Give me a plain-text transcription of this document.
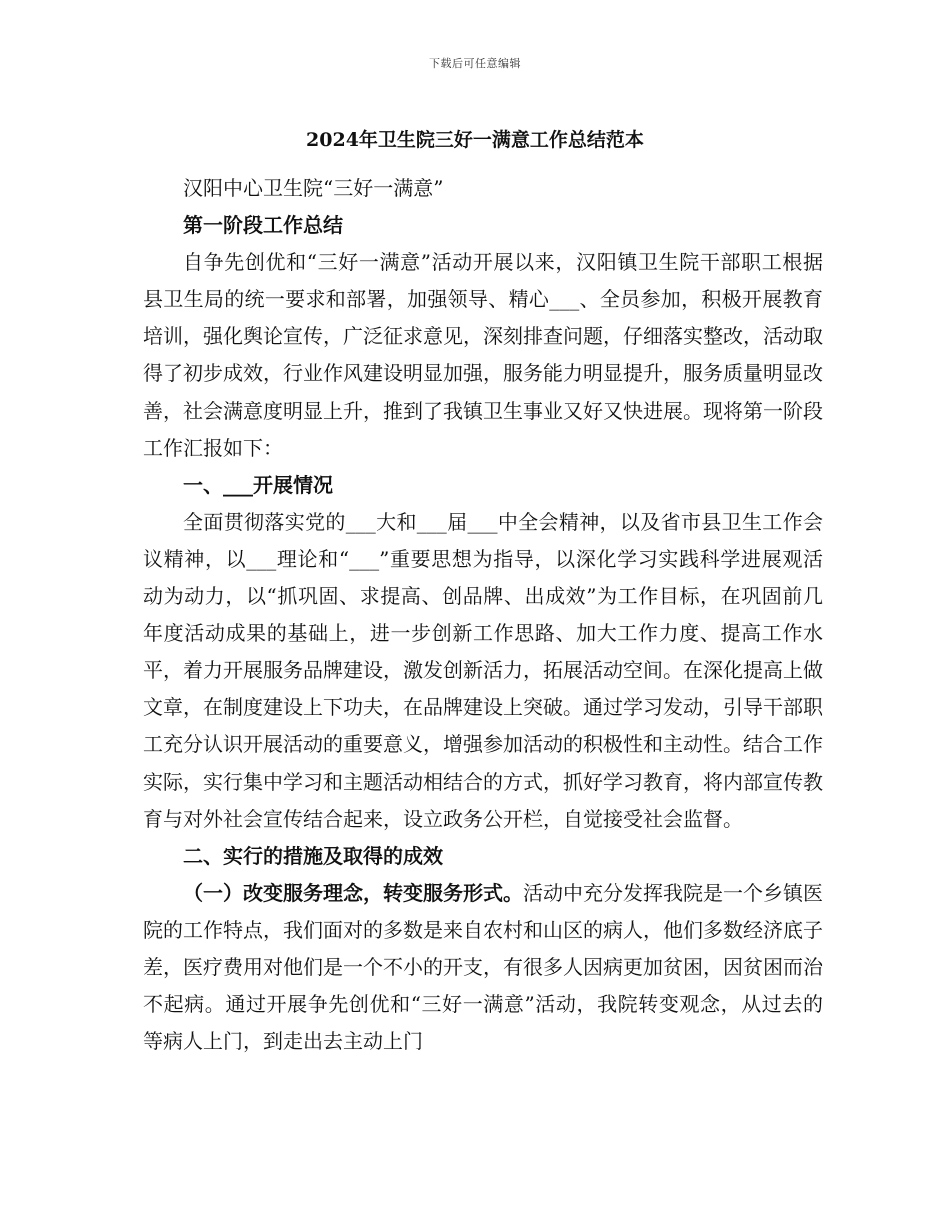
下载后可任意编辑
2024年卫生院三好一满意工作总结范本

汉阳中心卫生院“三好一满意”

第一阶段工作总结

自争先创优和“三好一满意”活动开展以来，汉阳镇卫生院干部职工根据县卫生局的统一要求和部署，加强领导、精心___、全员参加，积极开展教育培训，强化舆论宣传，广泛征求意见，深刻排查问题，仔细落实整改，活动取得了初步成效，行业作风建设明显加强，服务能力明显提升，服务质量明显改善，社会满意度明显上升，推到了我镇卫生事业又好又快进展。现将第一阶段工作汇报如下：

一、___开展情况

全面贯彻落实党的___大和___届___中全会精神，以及省市县卫生工作会议精神，以___理论和“___”重要思想为指导，以深化学习实践科学进展观活动为动力，以“抓巩固、求提高、创品牌、出成效”为工作目标，在巩固前几年度活动成果的基础上，进一步创新工作思路、加大工作力度、提高工作水平，着力开展服务品牌建设，激发创新活力，拓展活动空间。在深化提高上做文章，在制度建设上下功夫，在品牌建设上突破。通过学习发动，引导干部职工充分认识开展活动的重要意义，增强参加活动的积极性和主动性。结合工作实际，实行集中学习和主题活动相结合的方式，抓好学习教育，将内部宣传教育与对外社会宣传结合起来，设立政务公开栏，自觉接受社会监督。

二、实行的措施及取得的成效

（一）改变服务理念，转变服务形式。活动中充分发挥我院是一个乡镇医院的工作特点，我们面对的多数是来自农村和山区的病人，他们多数经济底子差，医疗费用对他们是一个不小的开支，有很多人因病更加贫困，因贫困而治不起病。通过开展争先创优和“三好一满意”活动，我院转变观念，从过去的等病人上门，到走出去主动上门
